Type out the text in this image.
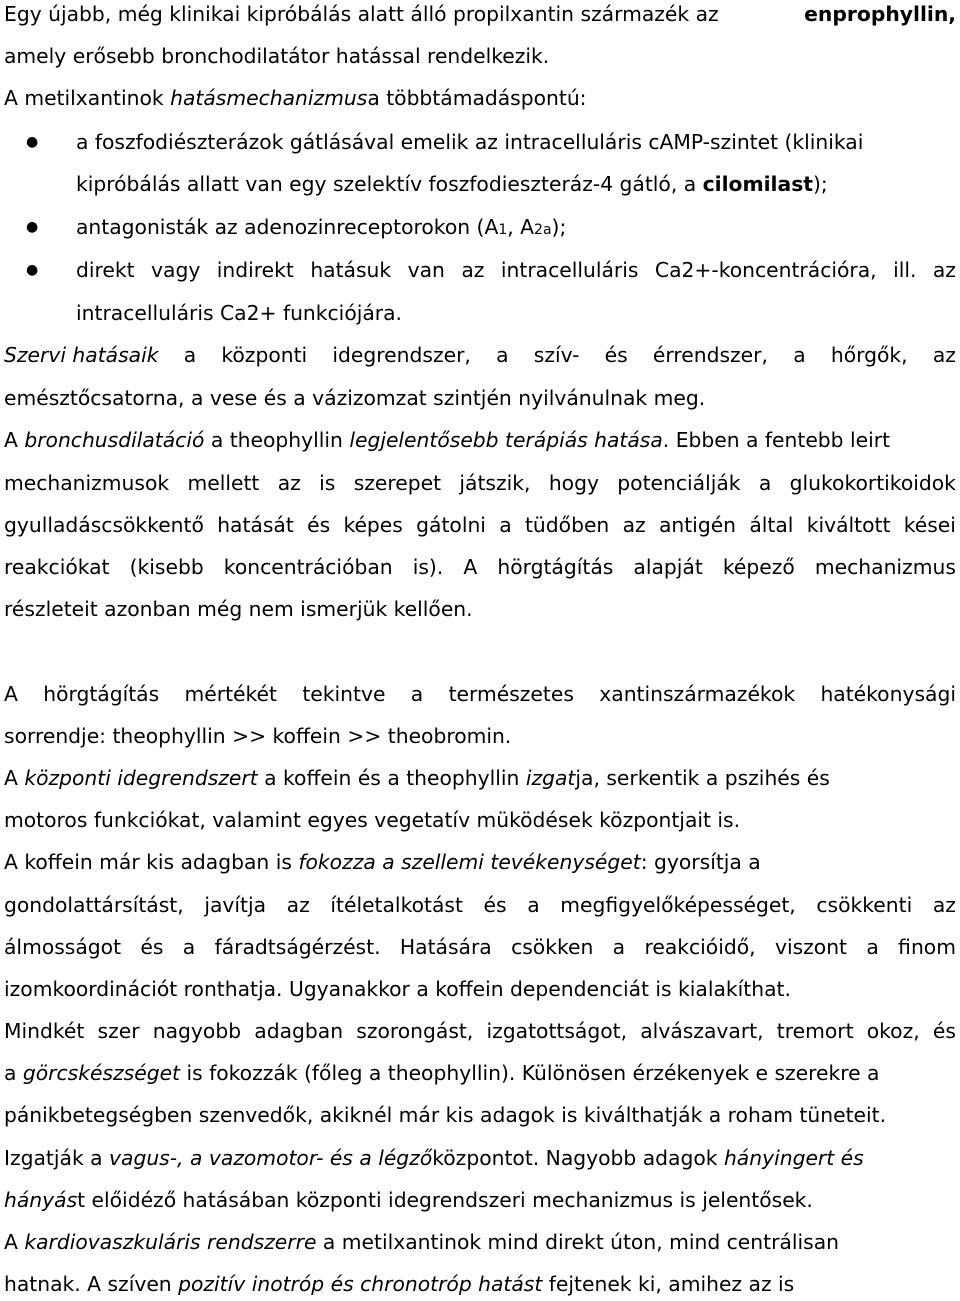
Egy újabb, még klinikai kipróbálás alatt álló propilxantin származék az	enprophyllin,
amely erősebb bronchodilatátor hatással rendelkezik.
A metilxantinok hatásmechanizmusa többtámadáspontú:
● a foszfodiészterázok gátlásával emelik az intracelluláris cAMP-szintet (klinikai
kipróbálás allatt van egy szelektív foszfodieszteráz-4 gátló, a cilomilast);
● antagonisták az adenozinreceptorokon (A1, A2a);
● direkt vagy indirekt hatásuk van az intracelluláris Ca2+-koncentrációra, ill. az
intracelluláris Ca2+ funkciójára.
Szervi hatásaik a központi idegrendszer, a szív- és érrendszer, a hőrgők, az
emésztőcsatorna, a vese és a vázizomzat szintjén nyilvánulnak meg.
A bronchusdilatáció a theophyllin legjelentősebb terápiás hatása. Ebben a fentebb leirt
mechanizmusok mellett az is szerepet játszik, hogy potenciálják a glukokortikoidok
gyulladáscsökkentő hatását és képes gátolni a tüdőben az antigén által kiváltott kései
reakciókat (kisebb koncentrációban is). A hörgtágítás alapját képező mechanizmus
részleteit azonban még nem ismerjük kellően.
A hörgtágítás mértékét tekintve a természetes xantinszármazékok hatékonysági
sorrendje: theophyllin >> koffein >> theobromin.
A központi idegrendszert a koffein és a theophyllin izgatja, serkentik a pszihés és
motoros funkciókat, valamint egyes vegetatív müködések központjait is.
A koffein már kis adagban is fokozza a szellemi tevékenységet: gyorsítja a
gondolattársítást, javítja az ítéletalkotást és a megfigyelőképességet, csökkenti az
álmosságot és a fáradtságérzést. Hatására csökken a reakcióidő, viszont a finom
izomkoordinációt ronthatja. Ugyanakkor a koffein dependenciát is kialakíthat.
Mindkét szer nagyobb adagban szorongást, izgatottságot, alvászavart, tremort okoz, és
a görcskészséget is fokozzák (főleg a theophyllin). Különösen érzékenyek e szerekre a
pánikbetegségben szenvedők, akiknél már kis adagok is kiválthatják a roham tüneteit.
Izgatják a vagus-, a vazomotor- és a légzőközpontot. Nagyobb adagok hányingert és
hányást előidéző hatásában központi idegrendszeri mechanizmus is jelentősek.
A kardiovaszkuláris rendszerre a metilxantinok mind direkt úton, mind centrálisan
hatnak. A szíven pozitív inotróp és chronotróp hatást fejtenek ki, amihez az is
